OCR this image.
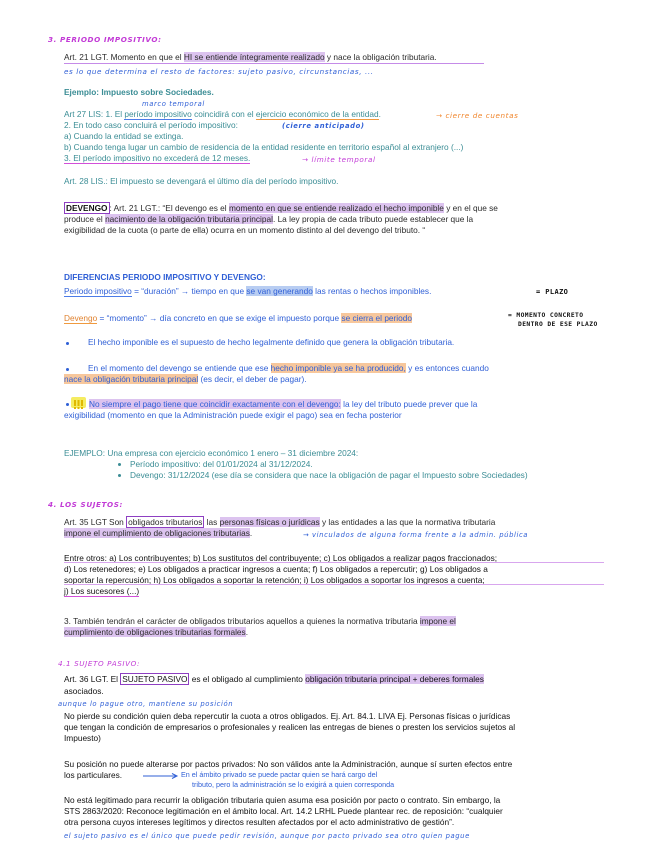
3. PERIODO IMPOSITIVO:
Art. 21 LGT. Momento en que el HI se entiende íntegramente realizado y nace la obligación tributaria.
es lo que determina el resto de factores: sujeto pasivo, circunstancias, ...
Ejemplo: Impuesto sobre Sociedades.
marco temporal
Art 27 LIS: 1. El período impositivo coincidirá con el ejercicio económico de la entidad.	→ cierre de cuentas
2. En todo caso concluirá el período impositivo:	(cierre anticipado)
a) Cuando la entidad se extinga.
b) Cuando tenga lugar un cambio de residencia de la entidad residente en territorio español al extranjero (...)
3. El período impositivo no excederá de 12 meses.	→ límite temporal
Art. 28 LIS.: El impuesto se devengará el último día del período impositivo.
DEVENGO : Art. 21 LGT.: “El devengo es el momento en que se entiende realizado el hecho imponible y en el que se
produce el nacimiento de la obligación tributaria principal. La ley propia de cada tributo puede establecer que la
exigibilidad de la cuota (o parte de ella) ocurra en un momento distinto al del devengo del tributo. “
DIFERENCIAS PERIODO IMPOSITIVO Y DEVENGO:
Periodo impositivo = “duración” → tiempo en que se van generando las rentas o hechos imponibles.	= PLAZO
Devengo = “momento” → día concreto en que se exige el impuesto porque se cierra el periodo	= MOMENTO CONCRETO
DENTRO DE ESE PLAZO
El hecho imponible es el supuesto de hecho legalmente definido que genera la obligación tributaria.
En el momento del devengo se entiende que ese hecho imponible ya se ha producido, y es entonces cuando
nace la obligación tributaria principal (es decir, el deber de pagar).
No siempre el pago tiene que coincidir exactamente con el devengo: la ley del tributo puede prever que la
exigibilidad (momento en que la Administración puede exigir el pago) sea en fecha posterior
EJEMPLO: Una empresa con ejercicio económico 1 enero – 31 diciembre 2024:
Período impositivo: del 01/01/2024 al 31/12/2024.
Devengo: 31/12/2024 (ese día se considera que nace la obligación de pagar el Impuesto sobre Sociedades)
4. LOS SUJETOS:
Art. 35 LGT Son obligados tributarios las personas físicas o jurídicas y las entidades a las que la normativa tributaria
impone el cumplimiento de obligaciones tributarias.	→ vinculados de alguna forma frente a la admin. pública
Entre otros: a) Los contribuyentes; b) Los sustitutos del contribuyente; c) Los obligados a realizar pagos fraccionados;
d) Los retenedores; e) Los obligados a practicar ingresos a cuenta; f) Los obligados a repercutir; g) Los obligados a
soportar la repercusión; h) Los obligados a soportar la retención; i) Los obligados a soportar los ingresos a cuenta;
j) Los sucesores (...)
3. También tendrán el carácter de obligados tributarios aquellos a quienes la normativa tributaria impone el
cumplimiento de obligaciones tributarias formales.
4.1 SUJETO PASIVO:
Art. 36 LGT. El SUJETO PASIVO es el obligado al cumplimiento obligación tributaria principal + deberes formales
asociados.
aunque lo pague otro, mantiene su posición
No pierde su condición quien deba repercutir la cuota a otros obligados. Ej. Art. 84.1. LIVA Ej. Personas físicas o jurídicas
que tengan la condición de empresarios o profesionales y realicen las entregas de bienes o presten los servicios sujetos al
Impuesto)
Su posición no puede alterarse por pactos privados: No son válidos ante la Administración, aunque sí surten efectos entre
los particulares.	En el ámbito privado se puede pactar quien se hará cargo del
tributo, pero la administración se lo exigirá a quien corresponda
No está legitimado para recurrir la obligación tributaria quien asuma esa posición por pacto o contrato. Sin embargo, la
STS 2863/2020: Reconoce legitimación en el ámbito local. Art. 14.2 LRHL Puede plantear rec. de reposición: “cualquier
otra persona cuyos intereses legítimos y directos resulten afectados por el acto administrativo de gestión”.
el sujeto pasivo es el único que puede pedir revisión, aunque por pacto privado sea otro quien pague
